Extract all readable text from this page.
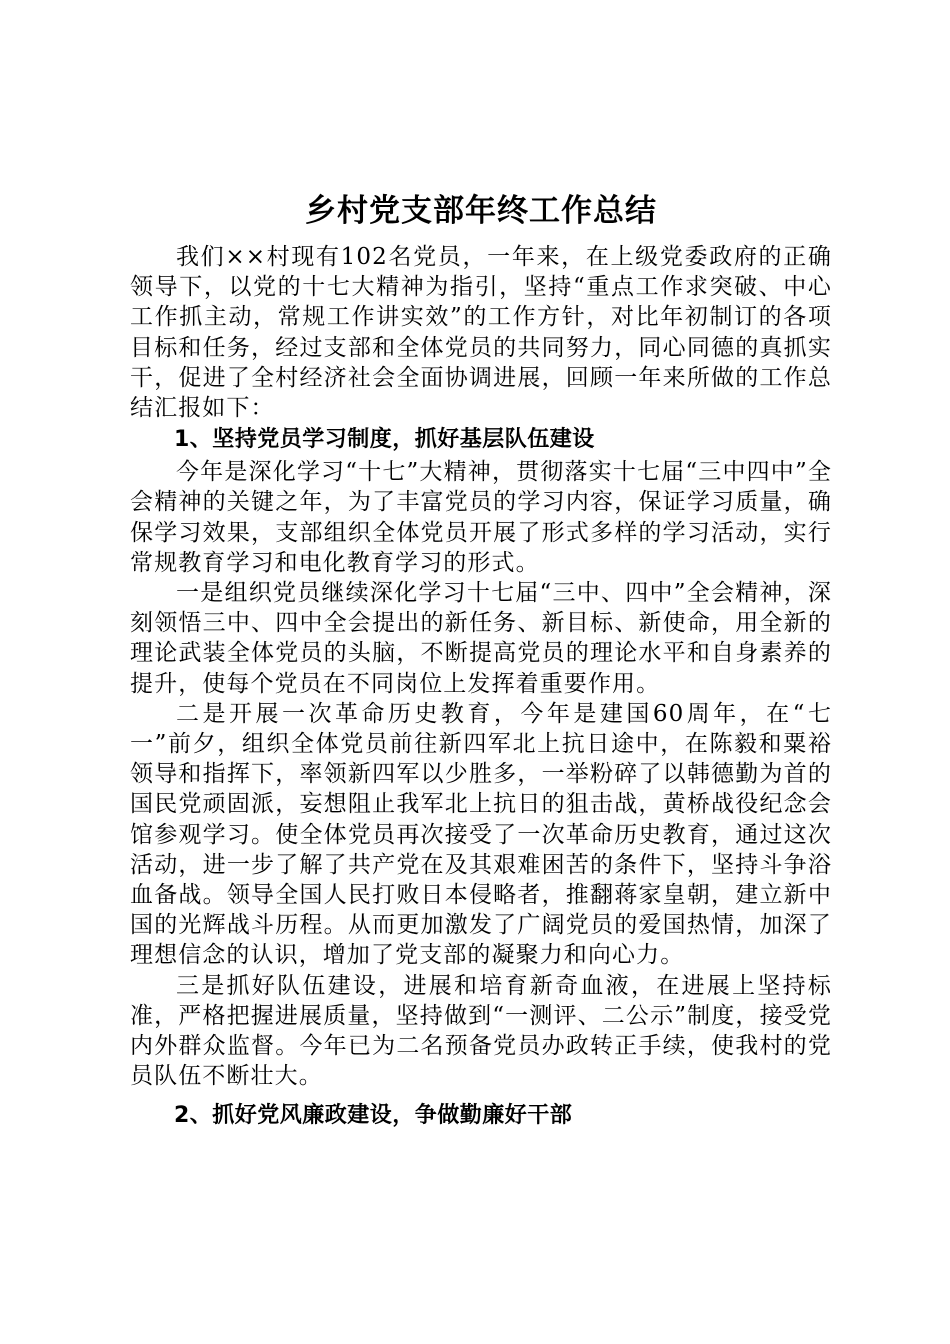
乡村党支部年终工作总结

我们××村现有102名党员，一年来，在上级党委政府的正确领导下，以党的十七大精神为指引，坚持“重点工作求突破、中心工作抓主动，常规工作讲实效”的工作方针，对比年初制订的各项目标和任务，经过支部和全体党员的共同努力，同心同德的真抓实干，促进了全村经济社会全面协调进展，回顾一年来所做的工作总结汇报如下：

1、坚持党员学习制度，抓好基层队伍建设

今年是深化学习“十七”大精神，贯彻落实十七届“三中四中”全会精神的关键之年，为了丰富党员的学习内容，保证学习质量，确保学习效果，支部组织全体党员开展了形式多样的学习活动，实行常规教育学习和电化教育学习的形式。

一是组织党员继续深化学习十七届“三中、四中”全会精神，深刻领悟三中、四中全会提出的新任务、新目标、新使命，用全新的理论武装全体党员的头脑，不断提高党员的理论水平和自身素养的提升，使每个党员在不同岗位上发挥着重要作用。

二是开展一次革命历史教育，今年是建国60周年，在“七一”前夕，组织全体党员前往新四军北上抗日途中，在陈毅和粟裕领导和指挥下，率领新四军以少胜多，一举粉碎了以韩德勤为首的国民党顽固派，妄想阻止我军北上抗日的狙击战，黄桥战役纪念会馆参观学习。使全体党员再次接受了一次革命历史教育，通过这次活动，进一步了解了共产党在及其艰难困苦的条件下，坚持斗争浴血备战。领导全国人民打败日本侵略者，推翻蒋家皇朝，建立新中国的光辉战斗历程。从而更加激发了广阔党员的爱国热情，加深了理想信念的认识，增加了党支部的凝聚力和向心力。

三是抓好队伍建设，进展和培育新奇血液，在进展上坚持标准，严格把握进展质量，坚持做到“一测评、二公示”制度，接受党内外群众监督。今年已为二名预备党员办政转正手续，使我村的党员队伍不断壮大。

2、抓好党风廉政建设，争做勤廉好干部
